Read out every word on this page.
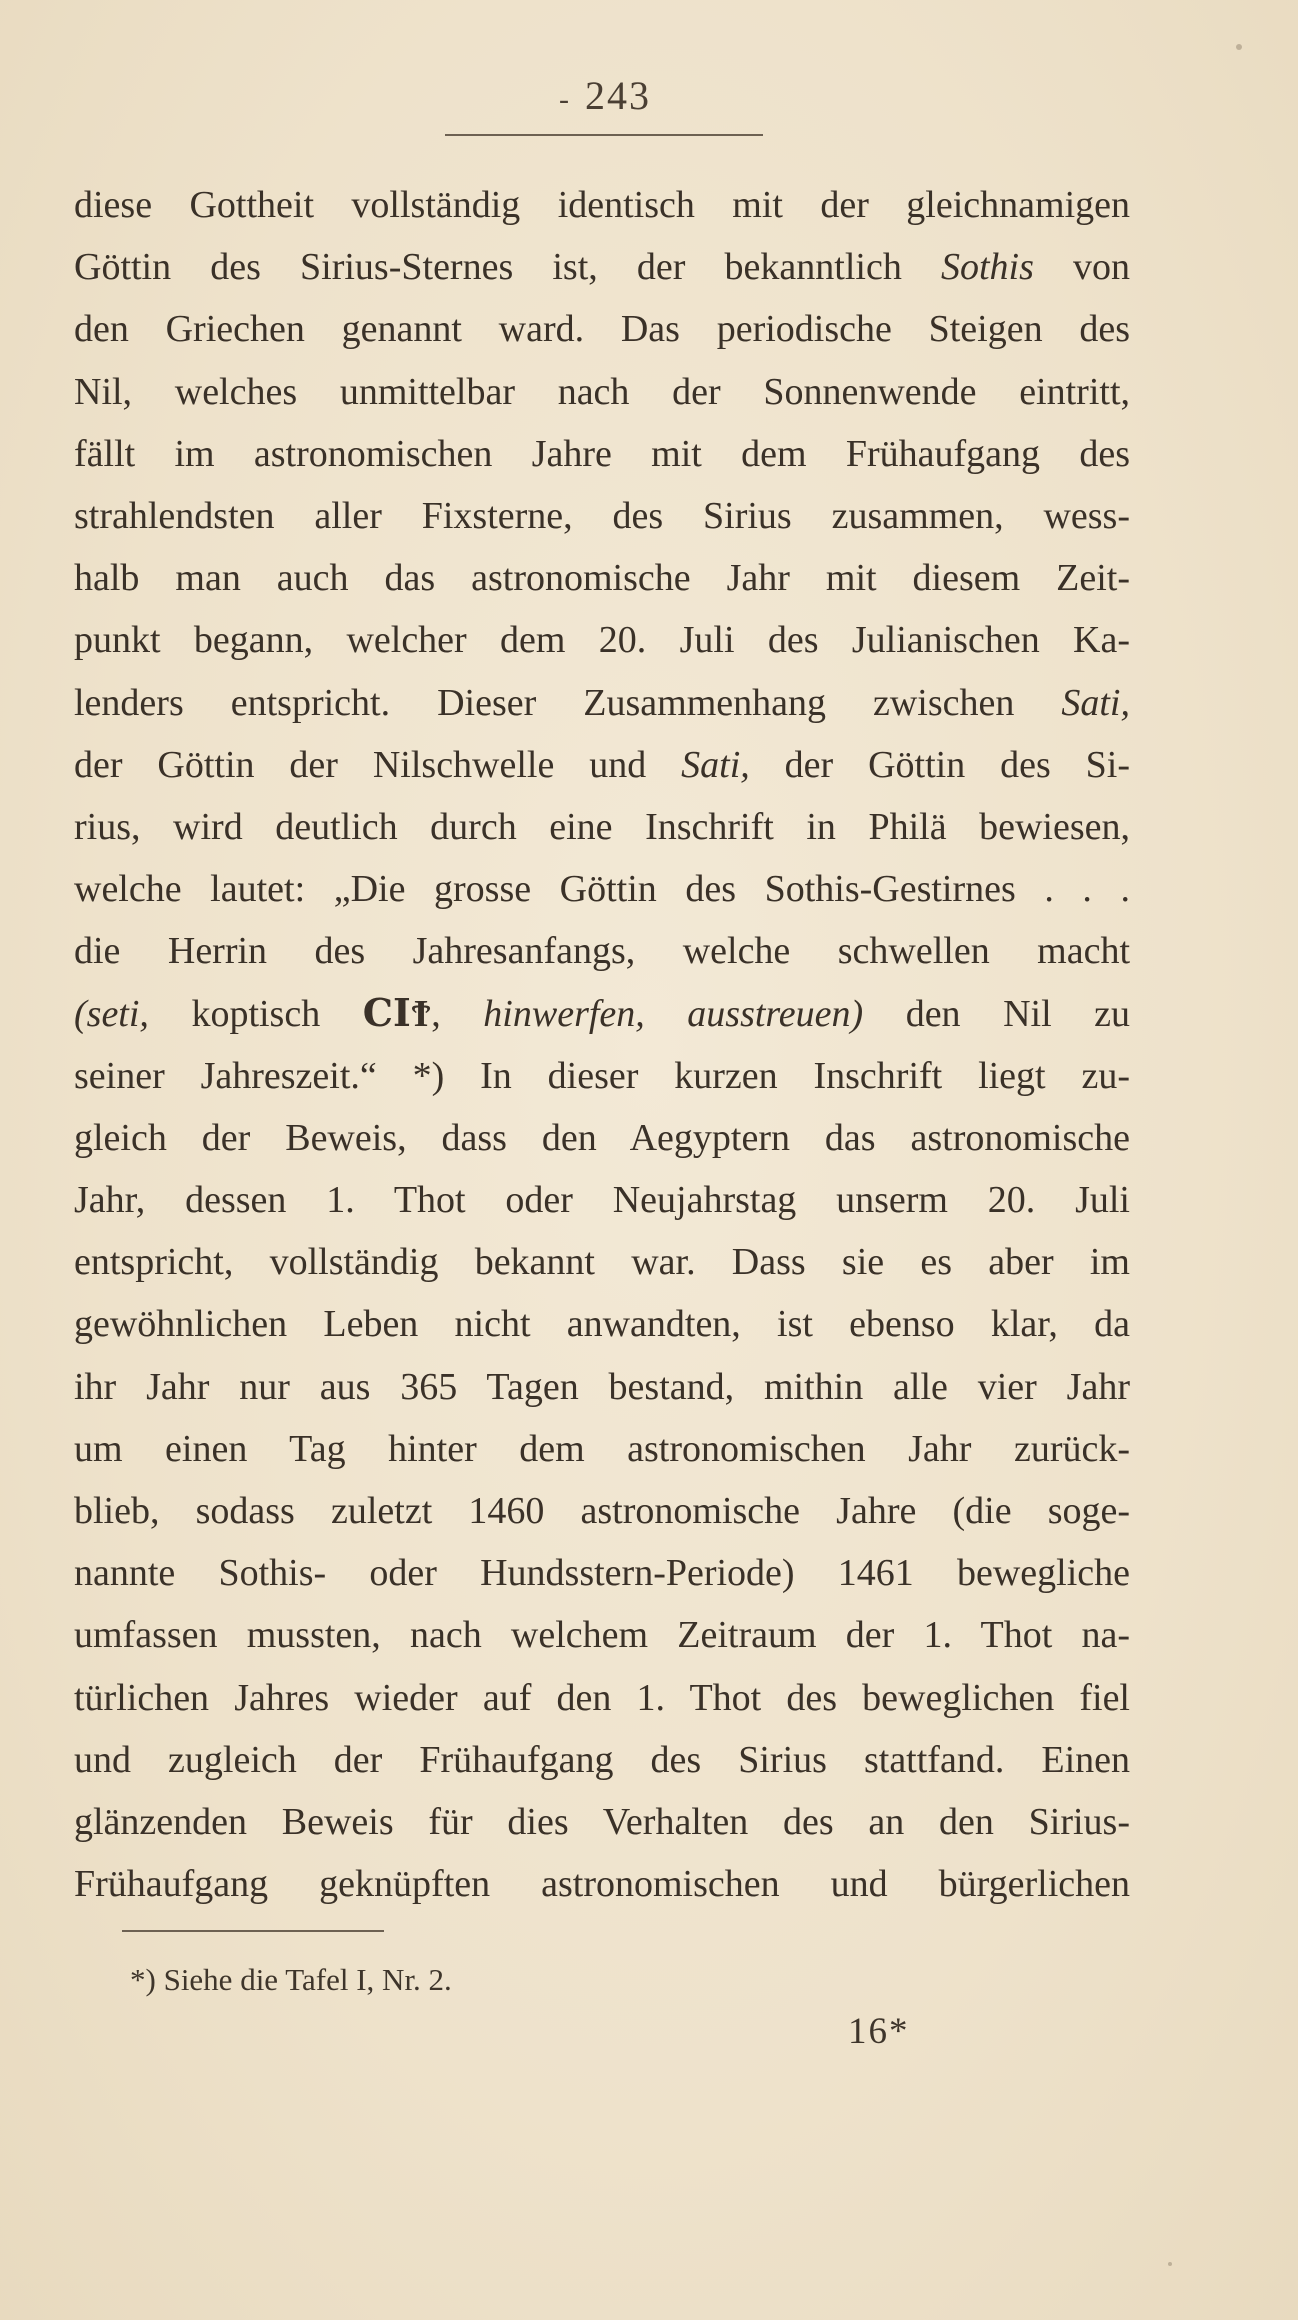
- 243
diese Gottheit vollständig identisch mit der gleichnamigen
Göttin des Sirius-Sternes ist, der bekanntlich Sothis von
den Griechen genannt ward. Das periodische Steigen des
Nil, welches unmittelbar nach der Sonnenwende eintritt,
fällt im astronomischen Jahre mit dem Frühaufgang des
strahlendsten aller Fixsterne, des Sirius zusammen, wess-
halb man auch das astronomische Jahr mit diesem Zeit-
punkt begann, welcher dem 20. Juli des Julianischen Ka-
lenders entspricht. Dieser Zusammenhang zwischen Sati,
der Göttin der Nilschwelle und Sati, der Göttin des Si-
rius, wird deutlich durch eine Inschrift in Philä bewiesen,
welche lautet: „Die grosse Göttin des Sothis-Gestirnes . . .
die Herrin des Jahresanfangs, welche schwellen macht
(seti, koptisch CIϮ, hinwerfen, ausstreuen) den Nil zu
seiner Jahreszeit.“ *) In dieser kurzen Inschrift liegt zu-
gleich der Beweis, dass den Aegyptern das astronomische
Jahr, dessen 1. Thot oder Neujahrstag unserm 20. Juli
entspricht, vollständig bekannt war. Dass sie es aber im
gewöhnlichen Leben nicht anwandten, ist ebenso klar, da
ihr Jahr nur aus 365 Tagen bestand, mithin alle vier Jahr
um einen Tag hinter dem astronomischen Jahr zurück-
blieb, sodass zuletzt 1460 astronomische Jahre (die soge-
nannte Sothis- oder Hundsstern-Periode) 1461 bewegliche
umfassen mussten, nach welchem Zeitraum der 1. Thot na-
türlichen Jahres wieder auf den 1. Thot des beweglichen fiel
und zugleich der Frühaufgang des Sirius stattfand. Einen
glänzenden Beweis für dies Verhalten des an den Sirius-
Frühaufgang geknüpften astronomischen und bürgerlichen
*) Siehe die Tafel I, Nr. 2.
16*
